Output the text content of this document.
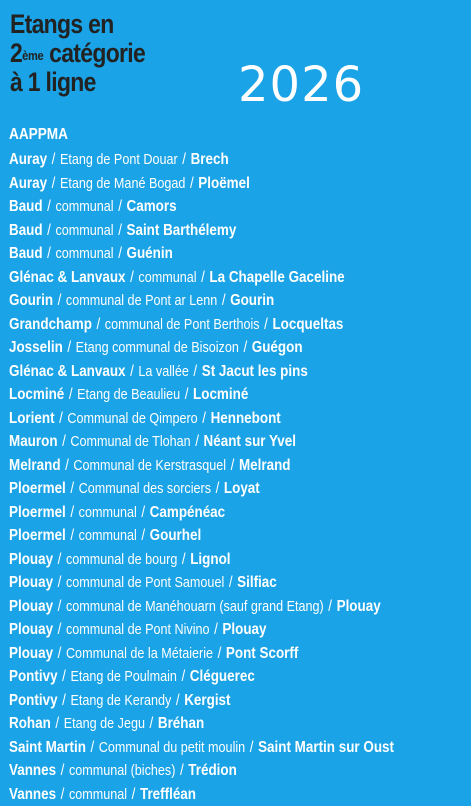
Etangs en
2ème catégorie
à 1 ligne	2026
AAPPMA
Auray / Etang de Pont Douar / Brech
Auray / Etang de Mané Bogad / Ploëmel
Baud / communal / Camors
Baud / communal / Saint Barthélemy
Baud / communal / Guénin
Glénac & Lanvaux / communal / La Chapelle Gaceline
Gourin / communal de Pont ar Lenn / Gourin
Grandchamp / communal de Pont Berthois / Locqueltas
Josselin / Etang communal de Bisoizon / Guégon
Glénac & Lanvaux / La vallée / St Jacut les pins
Locminé / Etang de Beaulieu / Locminé
Lorient / Communal de Qimpero / Hennebont
Mauron / Communal de Tlohan / Néant sur Yvel
Melrand / Communal de Kerstrasquel / Melrand
Ploermel / Communal des sorciers / Loyat
Ploermel / communal / Campénéac
Ploermel / communal / Gourhel
Plouay / communal de bourg / Lignol
Plouay / communal de Pont Samouel / Silfiac
Plouay / communal de Manéhouarn (sauf grand Etang) / Plouay
Plouay / communal de Pont Nivino / Plouay
Plouay / Communal de la Métaierie / Pont Scorff
Pontivy / Etang de Poulmain / Cléguerec
Pontivy / Etang de Kerandy / Kergist
Rohan / Etang de Jegu / Bréhan
Saint Martin / Communal du petit moulin / Saint Martin sur Oust
Vannes / communal (biches) / Trédion
Vannes / communal / Treffléan
